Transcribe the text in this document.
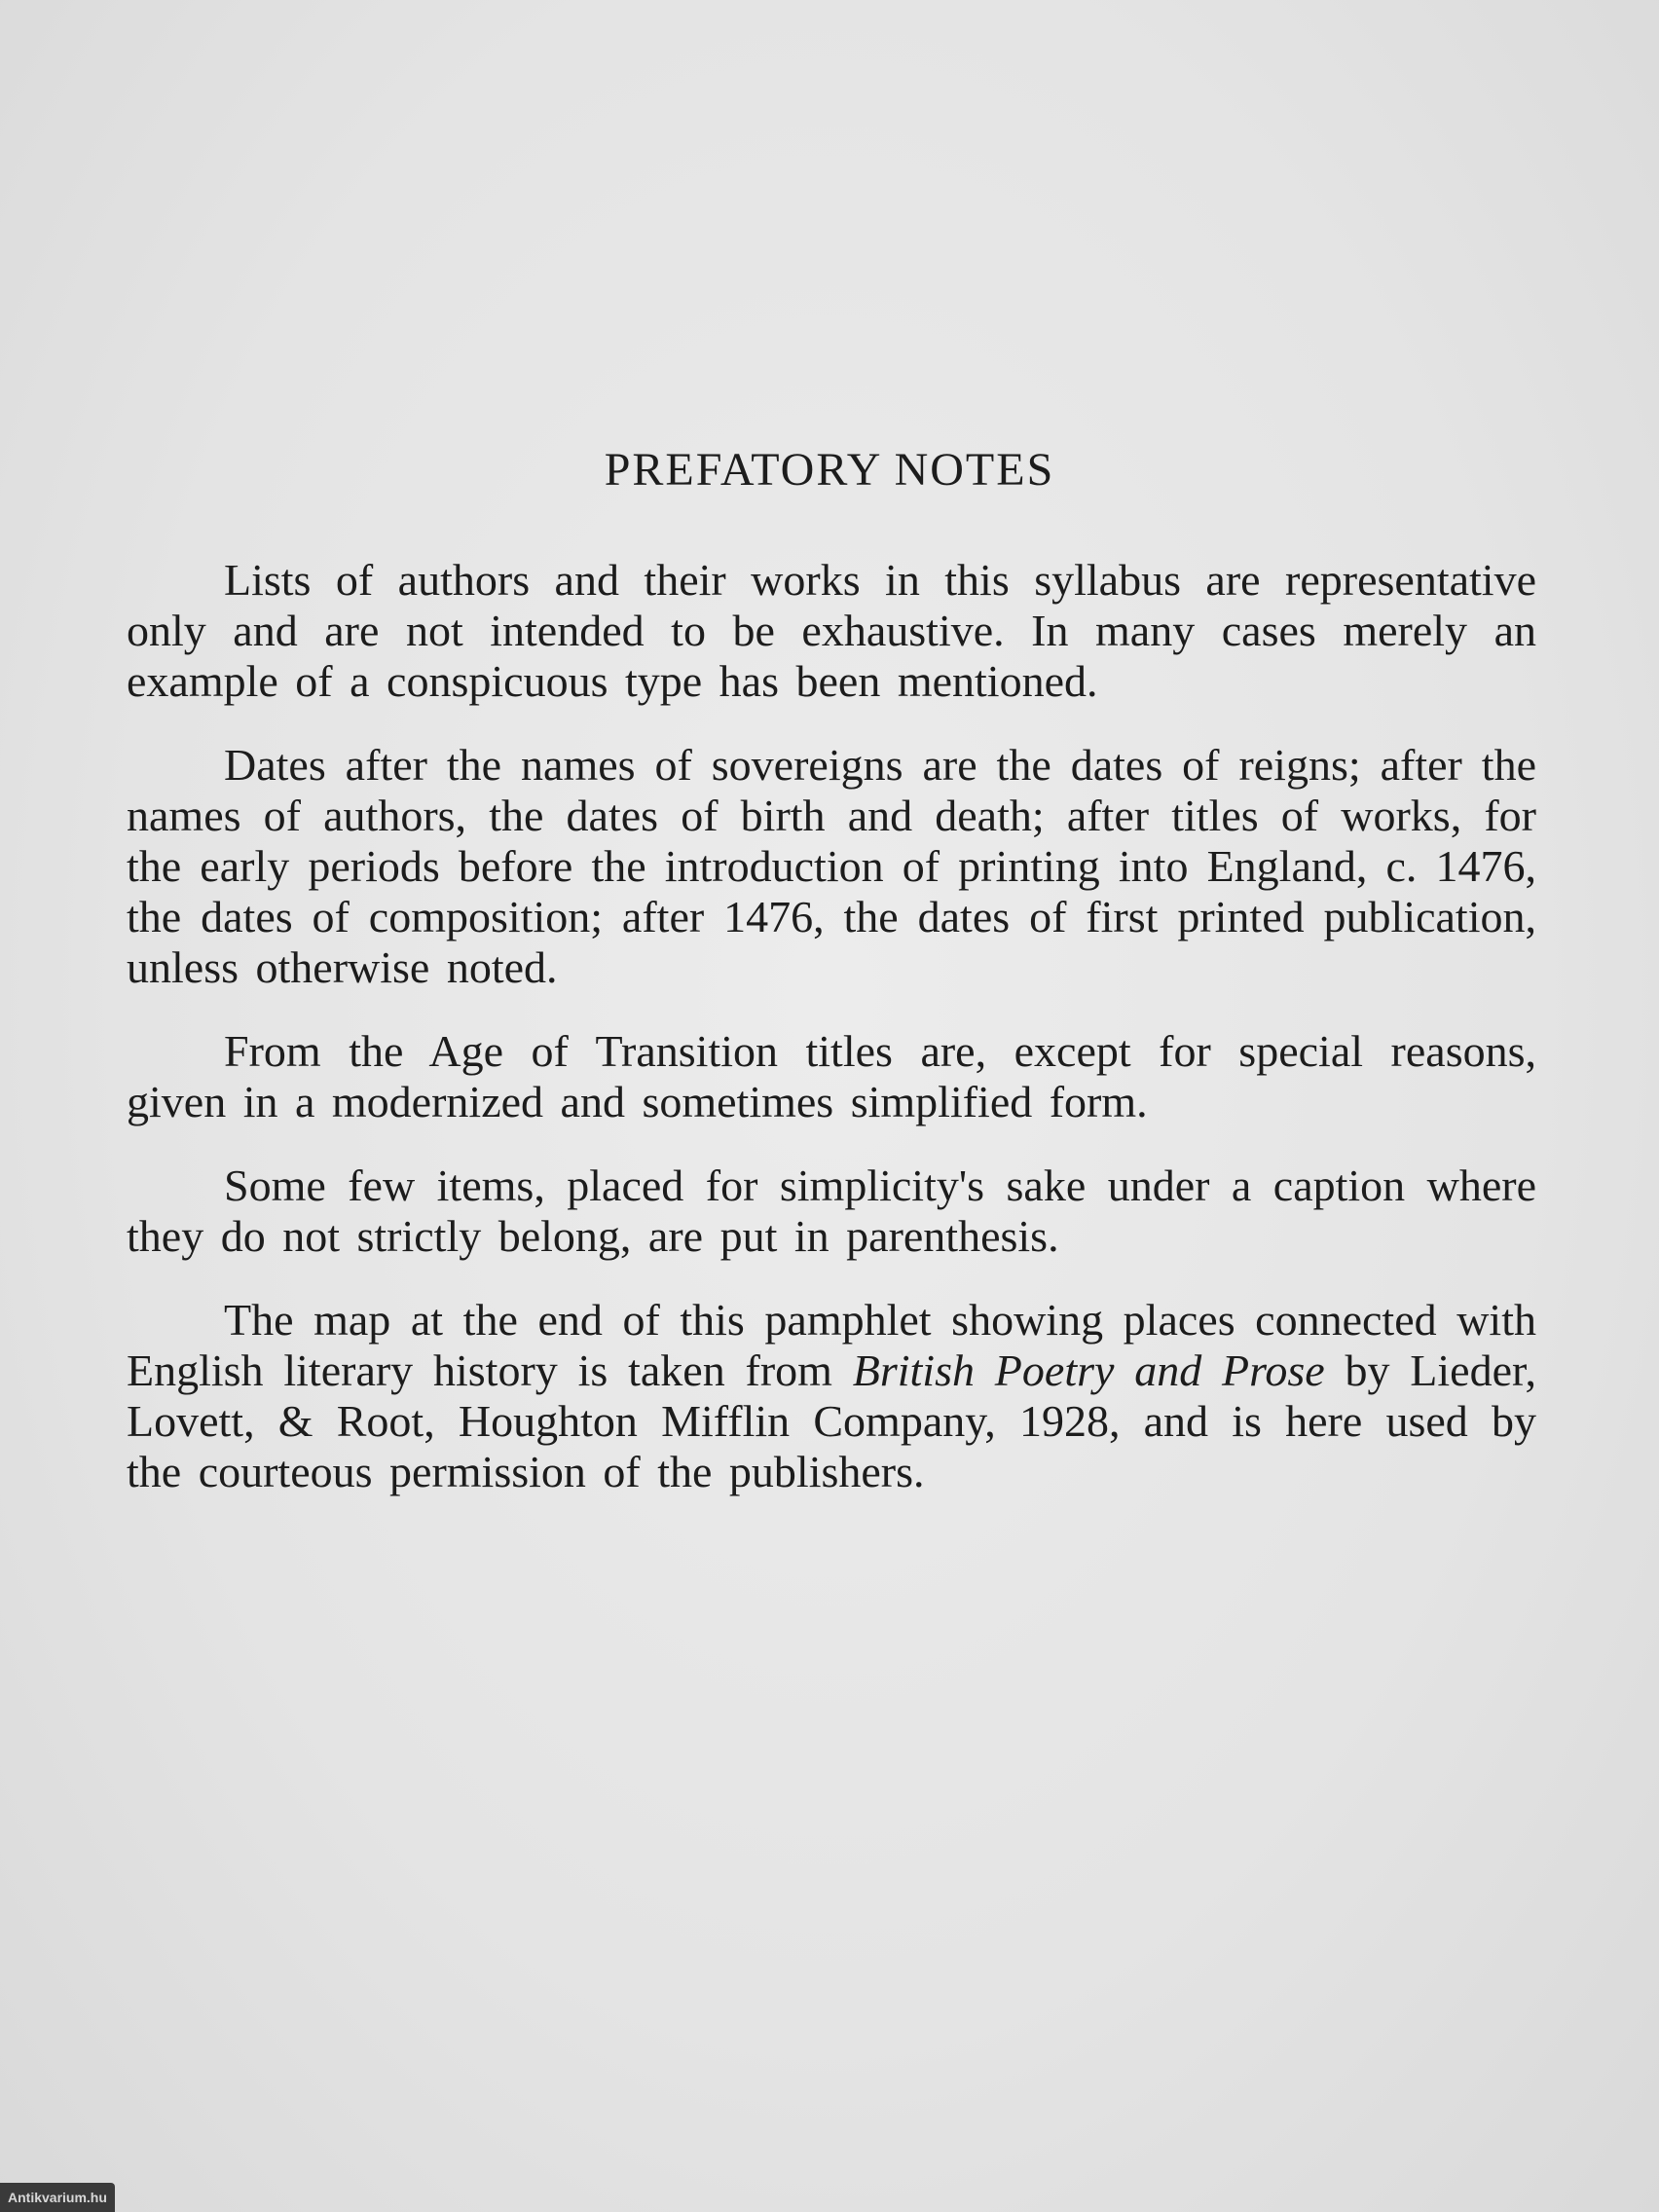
PREFATORY NOTES

Lists of authors and their works in this syllabus are representative only and are not intended to be exhaustive. In many cases merely an example of a conspicuous type has been mentioned.

Dates after the names of sovereigns are the dates of reigns; after the names of authors, the dates of birth and death; after titles of works, for the early periods before the introduction of printing into England, c. 1476, the dates of composition; after 1476, the dates of first printed publication, unless otherwise noted.

From the Age of Transition titles are, except for special reasons, given in a modernized and sometimes simplified form.

Some few items, placed for simplicity's sake under a caption where they do not strictly belong, are put in parenthesis.

The map at the end of this pamphlet showing places connected with English literary history is taken from British Poetry and Prose by Lieder, Lovett, & Root, Houghton Mifflin Company, 1928, and is here used by the courteous permission of the publishers.

Antikvarium.hu
